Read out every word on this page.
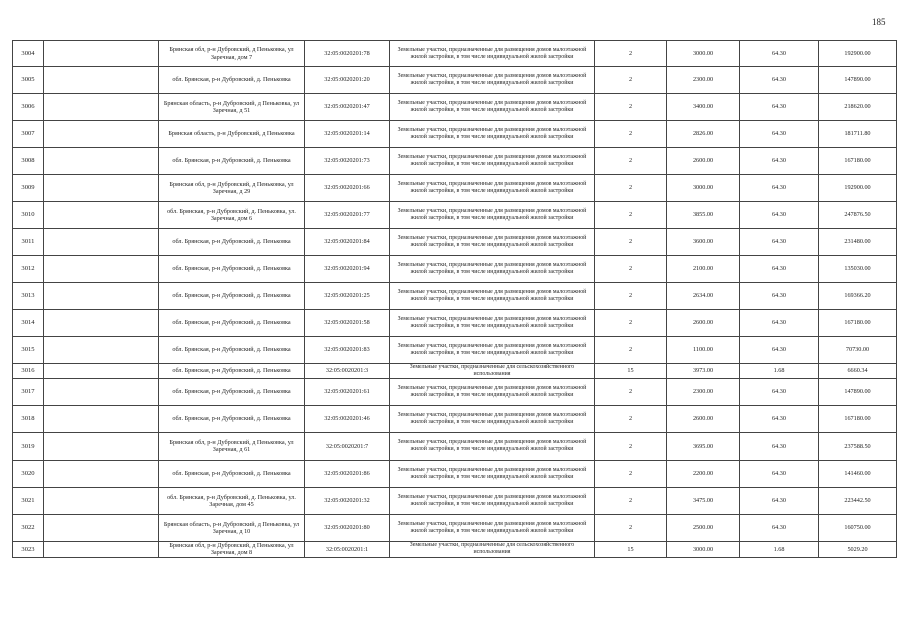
185
3004		Брянская обл, р-н Дубровский, д Пеньковка, ул Заречная, дом 7	32:05:0020201:78	Земельные участки, предназначенные для размещения домов малоэтажной жилой застройки, в том числе индивидуальной жилой застройки	2	3000.00	64.30	192900.00
3005		обл. Брянская, р-н Дубровский, д. Пеньковка	32:05:0020201:20	Земельные участки, предназначенные для размещения домов малоэтажной жилой застройки, в том числе индивидуальной жилой застройки	2	2300.00	64.30	147890.00
3006		Брянская область, р-н Дубровский, д Пеньковка, ул Заречная, д 51	32:05:0020201:47	Земельные участки, предназначенные для размещения домов малоэтажной жилой застройки, в том числе индивидуальной жилой застройки	2	3400.00	64.30	218620.00
3007		Брянская область, р-н Дубровский, д Пеньковка	32:05:0020201:14	Земельные участки, предназначенные для размещения домов малоэтажной жилой застройки, в том числе индивидуальной жилой застройки	2	2826.00	64.30	181711.80
3008		обл. Брянская, р-н Дубровский, д. Пеньковка	32:05:0020201:73	Земельные участки, предназначенные для размещения домов малоэтажной жилой застройки, в том числе индивидуальной жилой застройки	2	2600.00	64.30	167180.00
3009		Брянская обл, р-н Дубровский, д Пеньковка, ул Заречная, д 29	32:05:0020201:66	Земельные участки, предназначенные для размещения домов малоэтажной жилой застройки, в том числе индивидуальной жилой застройки	2	3000.00	64.30	192900.00
3010		обл. Брянская, р-н Дубровский, д. Пеньковка, ул. Заречная, дом 6	32:05:0020201:77	Земельные участки, предназначенные для размещения домов малоэтажной жилой застройки, в том числе индивидуальной жилой застройки	2	3855.00	64.30	247876.50
3011		обл. Брянская, р-н Дубровский, д. Пеньковка	32:05:0020201:84	Земельные участки, предназначенные для размещения домов малоэтажной жилой застройки, в том числе индивидуальной жилой застройки	2	3600.00	64.30	231480.00
3012		обл. Брянская, р-н Дубровский, д. Пеньковка	32:05:0020201:94	Земельные участки, предназначенные для размещения домов малоэтажной жилой застройки, в том числе индивидуальной жилой застройки	2	2100.00	64.30	135030.00
3013		обл. Брянская, р-н Дубровский, д. Пеньковка	32:05:0020201:25	Земельные участки, предназначенные для размещения домов малоэтажной жилой застройки, в том числе индивидуальной жилой застройки	2	2634.00	64.30	169366.20
3014		обл. Брянская, р-н Дубровский, д. Пеньковка	32:05:0020201:58	Земельные участки, предназначенные для размещения домов малоэтажной жилой застройки, в том числе индивидуальной жилой застройки	2	2600.00	64.30	167180.00
3015		обл. Брянская, р-н Дубровский, д. Пеньковка	32:05:0020201:83	Земельные участки, предназначенные для размещения домов малоэтажной жилой застройки, в том числе индивидуальной жилой застройки	2	1100.00	64.30	70730.00
3016		обл. Брянская, р-н Дубровский, д. Пеньковка	32:05:0020201:3	Земельные участки, предназначенные для сельскохозяйственного использования	15	3973.00	1.68	6660.34
3017		обл. Брянская, р-н Дубровский, д. Пеньковка	32:05:0020201:61	Земельные участки, предназначенные для размещения домов малоэтажной жилой застройки, в том числе индивидуальной жилой застройки	2	2300.00	64.30	147890.00
3018		обл. Брянская, р-н Дубровский, д. Пеньковка	32:05:0020201:46	Земельные участки, предназначенные для размещения домов малоэтажной жилой застройки, в том числе индивидуальной жилой застройки	2	2600.00	64.30	167180.00
3019		Брянская обл, р-н Дубровский, д Пеньковка, ул Заречная, д 61	32:05:0020201:7	Земельные участки, предназначенные для размещения домов малоэтажной жилой застройки, в том числе индивидуальной жилой застройки	2	3695.00	64.30	237588.50
3020		обл. Брянская, р-н Дубровский, д. Пеньковка	32:05:0020201:86	Земельные участки, предназначенные для размещения домов малоэтажной жилой застройки, в том числе индивидуальной жилой застройки	2	2200.00	64.30	141460.00
3021		обл. Брянская, р-н Дубровский, д. Пеньковка, ул. Заречная, дом 45	32:05:0020201:32	Земельные участки, предназначенные для размещения домов малоэтажной жилой застройки, в том числе индивидуальной жилой застройки	2	3475.00	64.30	223442.50
3022		Брянская область, р-н Дубровский, д Пеньковка, ул Заречная, д 10	32:05:0020201:80	Земельные участки, предназначенные для размещения домов малоэтажной жилой застройки, в том числе индивидуальной жилой застройки	2	2500.00	64.30	160750.00
3023		Брянская обл, р-н Дубровский, д Пеньковка, ул Заречная, дом 8	32:05:0020201:1	Земельные участки, предназначенные для сельскохозяйственного использования	15	3000.00	1.68	5029.20
